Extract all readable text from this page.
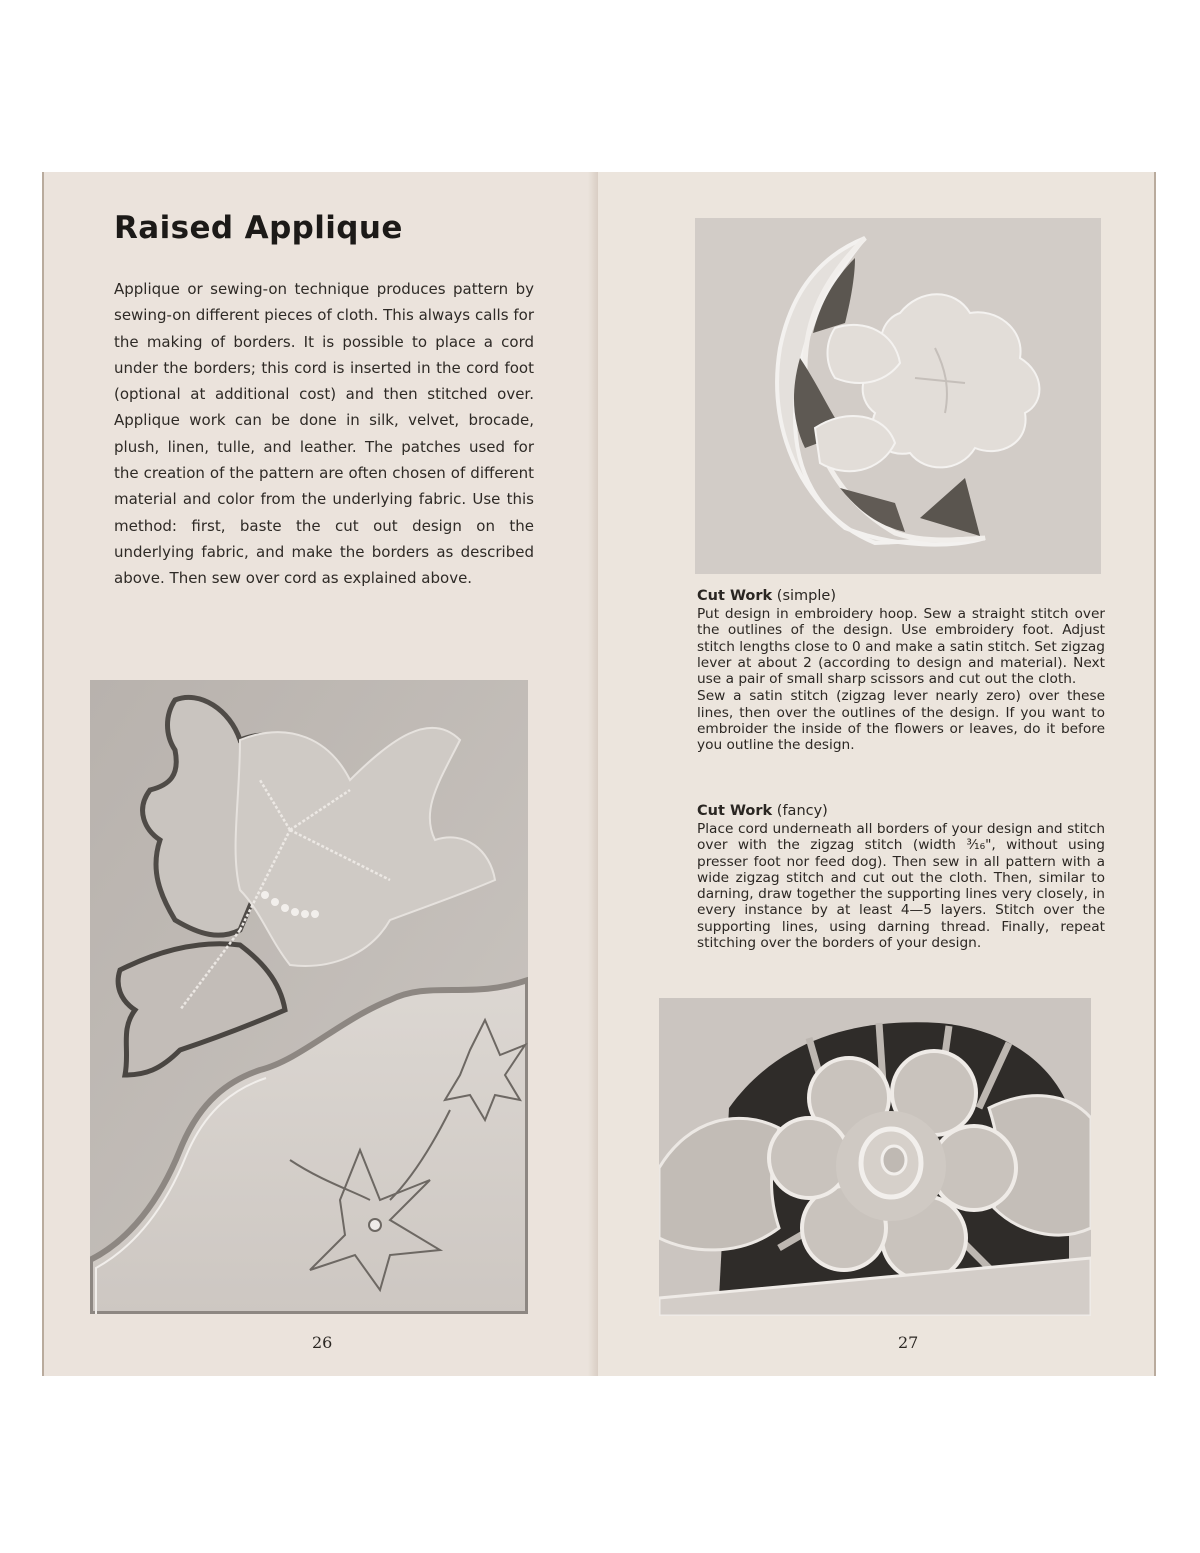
Raised Applique

Applique or sewing-on technique produces pattern by sewing-on different pieces of cloth. This always calls for the making of borders. It is possible to place a cord under the borders; this cord is inserted in the cord foot (optional at additional cost) and then stitched over. Applique work can be done in silk, velvet, brocade, plush, linen, tulle, and leather. The patches used for the creation of the pattern are often chosen of different material and color from the underlying fabric. Use this method: first, baste the cut out design on the underlying fabric, and make the borders as described above. Then sew over cord as explained above.

26

Cut Work (simple)

Put design in embroidery hoop. Sew a straight stitch over the outlines of the design. Use embroidery foot. Adjust stitch lengths close to 0 and make a satin stitch. Set zigzag lever at about 2 (according to design and material). Next use a pair of small sharp scissors and cut out the cloth.

Sew a satin stitch (zigzag lever nearly zero) over these lines, then over the outlines of the design. If you want to embroider the inside of the flowers or leaves, do it before you outline the design.

Cut Work (fancy)

Place cord underneath all borders of your design and stitch over with the zigzag stitch (width ³⁄₁₆", without using presser foot nor feed dog). Then sew in all pattern with a wide zigzag stitch and cut out the cloth. Then, similar to darning, draw together the supporting lines very closely, in every instance by at least 4—5 layers. Stitch over the supporting lines, using darning thread. Finally, repeat stitching over the borders of your design.

27
